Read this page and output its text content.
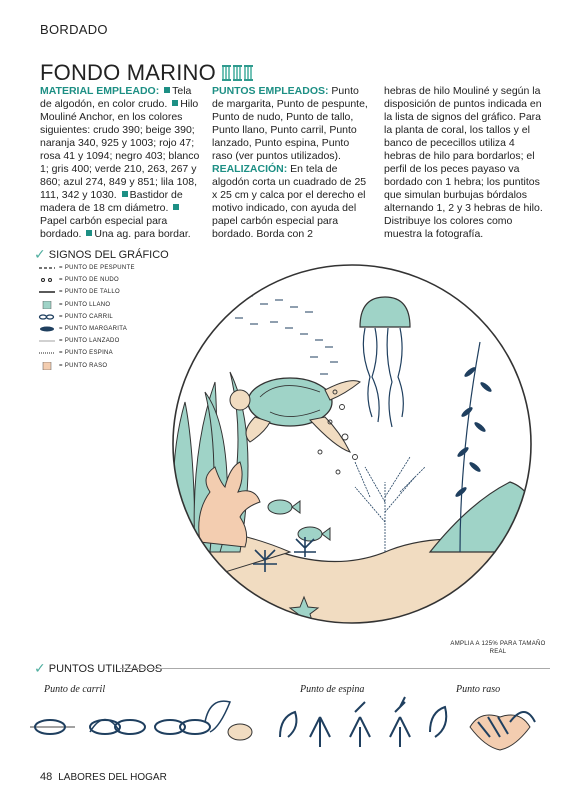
BORDADO
FONDO MARINO
MATERIAL EMPLEADO: Tela de algodón, en color crudo. Hilo Mouliné Anchor, en los colores siguientes: crudo 390; beige 390; naranja 340, 925 y 1003; rojo 47; rosa 41 y 1094; negro 403; blanco 1; gris 400; verde 210, 263, 267 y 860; azul 274, 849 y 851; lila 108, 111, 342 y 1030. Bastidor de madera de 18 cm diámetro. Papel carbón especial para bordado. Una ag. para bordar.
PUNTOS EMPLEADOS: Punto de margarita, Punto de pespunte, Punto de nudo, Punto de tallo, Punto llano, Punto carril, Punto lanzado, Punto espina, Punto raso (ver puntos utilizados).
REALIZACIÓN: En tela de algodón corta un cuadrado de 25 x 25 cm y calca por el derecho el motivo indicado, con ayuda del papel carbón especial para bordado. Borda con 2
hebras de hilo Mouliné y según la disposición de puntos indicada en la lista de signos del gráfico. Para la planta de coral, los tallos y el banco de pececillos utiliza 4 hebras de hilo para bordarlos; el perfil de los peces payaso va bordado con 1 hebra; los puntitos que simulan burbujas bórdalos alternando 1, 2 y 3 hebras de hilo. Distribuye los colores como muestra la fotografía.
✓ SIGNOS DEL GRÁFICO
= PUNTO DE PESPUNTE
= PUNTO DE NUDO
= PUNTO DE TALLO
= PUNTO LLANO
= PUNTO CARRIL
= PUNTO MARGARITA
= PUNTO LANZADO
= PUNTO ESPINA
= PUNTO RASO
AMPLIA A 125% PARA TAMAÑO REAL
✓ PUNTOS UTILIZADOS
Punto de carril	Punto de espina	Punto raso
48 LABORES DEL HOGAR
